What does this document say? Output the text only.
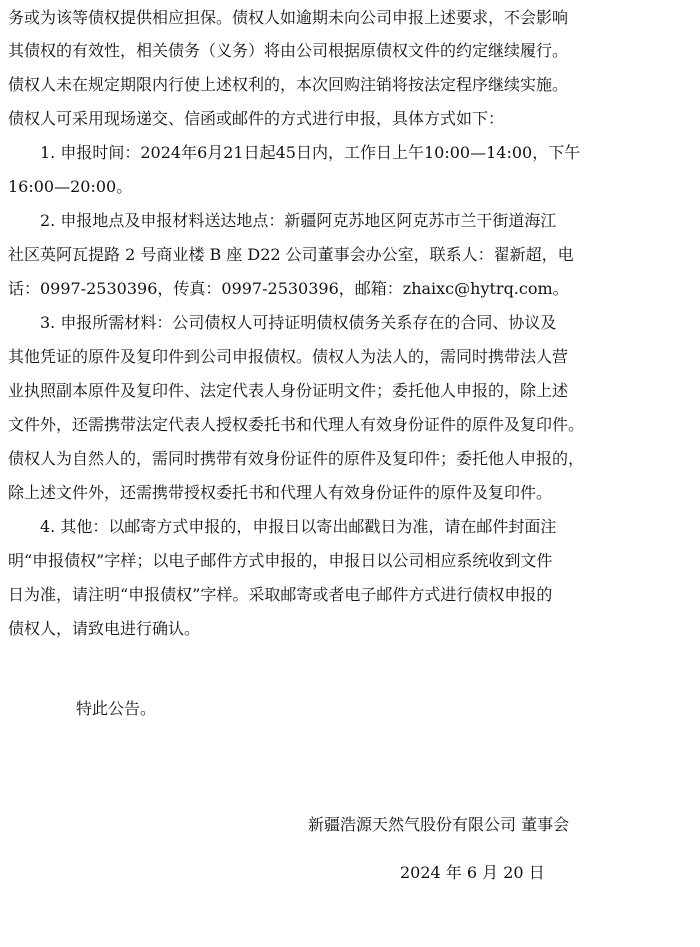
务或为该等债权提供相应担保。债权人如逾期未向公司申报上述要求，不会影响
其债权的有效性，相关债务（义务）将由公司根据原债权文件的约定继续履行。
债权人未在规定期限内行使上述权利的，本次回购注销将按法定程序继续实施。
债权人可采用现场递交、信函或邮件的方式进行申报，具体方式如下：
1. 申报时间：2024年6月21日起45日内，工作日上午10:00—14:00，下午
16:00—20:00。
2. 申报地点及申报材料送达地点：新疆阿克苏地区阿克苏市兰干街道海江
社区英阿瓦提路 2 号商业楼 B 座 D22 公司董事会办公室，联系人：翟新超，电
话：0997-2530396，传真：0997-2530396，邮箱：zhaixc@hytrq.com。
3. 申报所需材料：公司债权人可持证明债权债务关系存在的合同、协议及
其他凭证的原件及复印件到公司申报债权。债权人为法人的，需同时携带法人营
业执照副本原件及复印件、法定代表人身份证明文件；委托他人申报的，除上述
文件外，还需携带法定代表人授权委托书和代理人有效身份证件的原件及复印件。
债权人为自然人的，需同时携带有效身份证件的原件及复印件；委托他人申报的，
除上述文件外，还需携带授权委托书和代理人有效身份证件的原件及复印件。
4. 其他：以邮寄方式申报的，申报日以寄出邮戳日为准，请在邮件封面注
明“申报债权”字样；以电子邮件方式申报的，申报日以公司相应系统收到文件
日为准，请注明“申报债权”字样。采取邮寄或者电子邮件方式进行债权申报的
债权人，请致电进行确认。
特此公告。
新疆浩源天然气股份有限公司 董事会
2024 年 6 月 20 日
